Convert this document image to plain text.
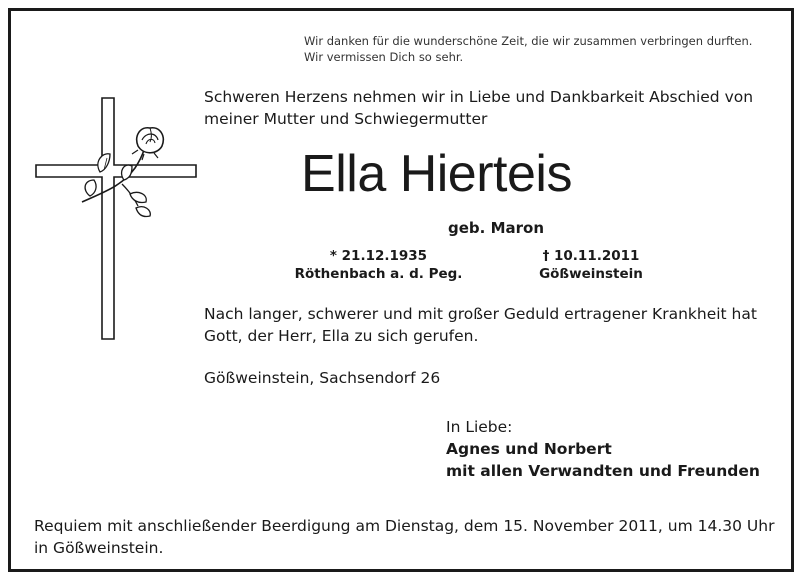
Wir danken für die wunderschöne Zeit, die wir zusammen verbringen durften.
Wir vermissen Dich so sehr.
Schweren Herzens nehmen wir in Liebe und Dankbarkeit Abschied von
meiner Mutter und Schwiegermutter
Ella Hierteis
geb. Maron
* 21.12.1935
Röthenbach a. d. Peg.
† 10.11.2011
Gößweinstein
Nach langer, schwerer und mit großer Geduld ertragener Krankheit hat
Gott, der Herr, Ella zu sich gerufen.
Gößweinstein, Sachsendorf 26
In Liebe:
Agnes und Norbert
mit allen Verwandten und Freunden
Requiem mit anschließender Beerdigung am Dienstag, dem 15. November 2011, um 14.30 Uhr
in Gößweinstein.
